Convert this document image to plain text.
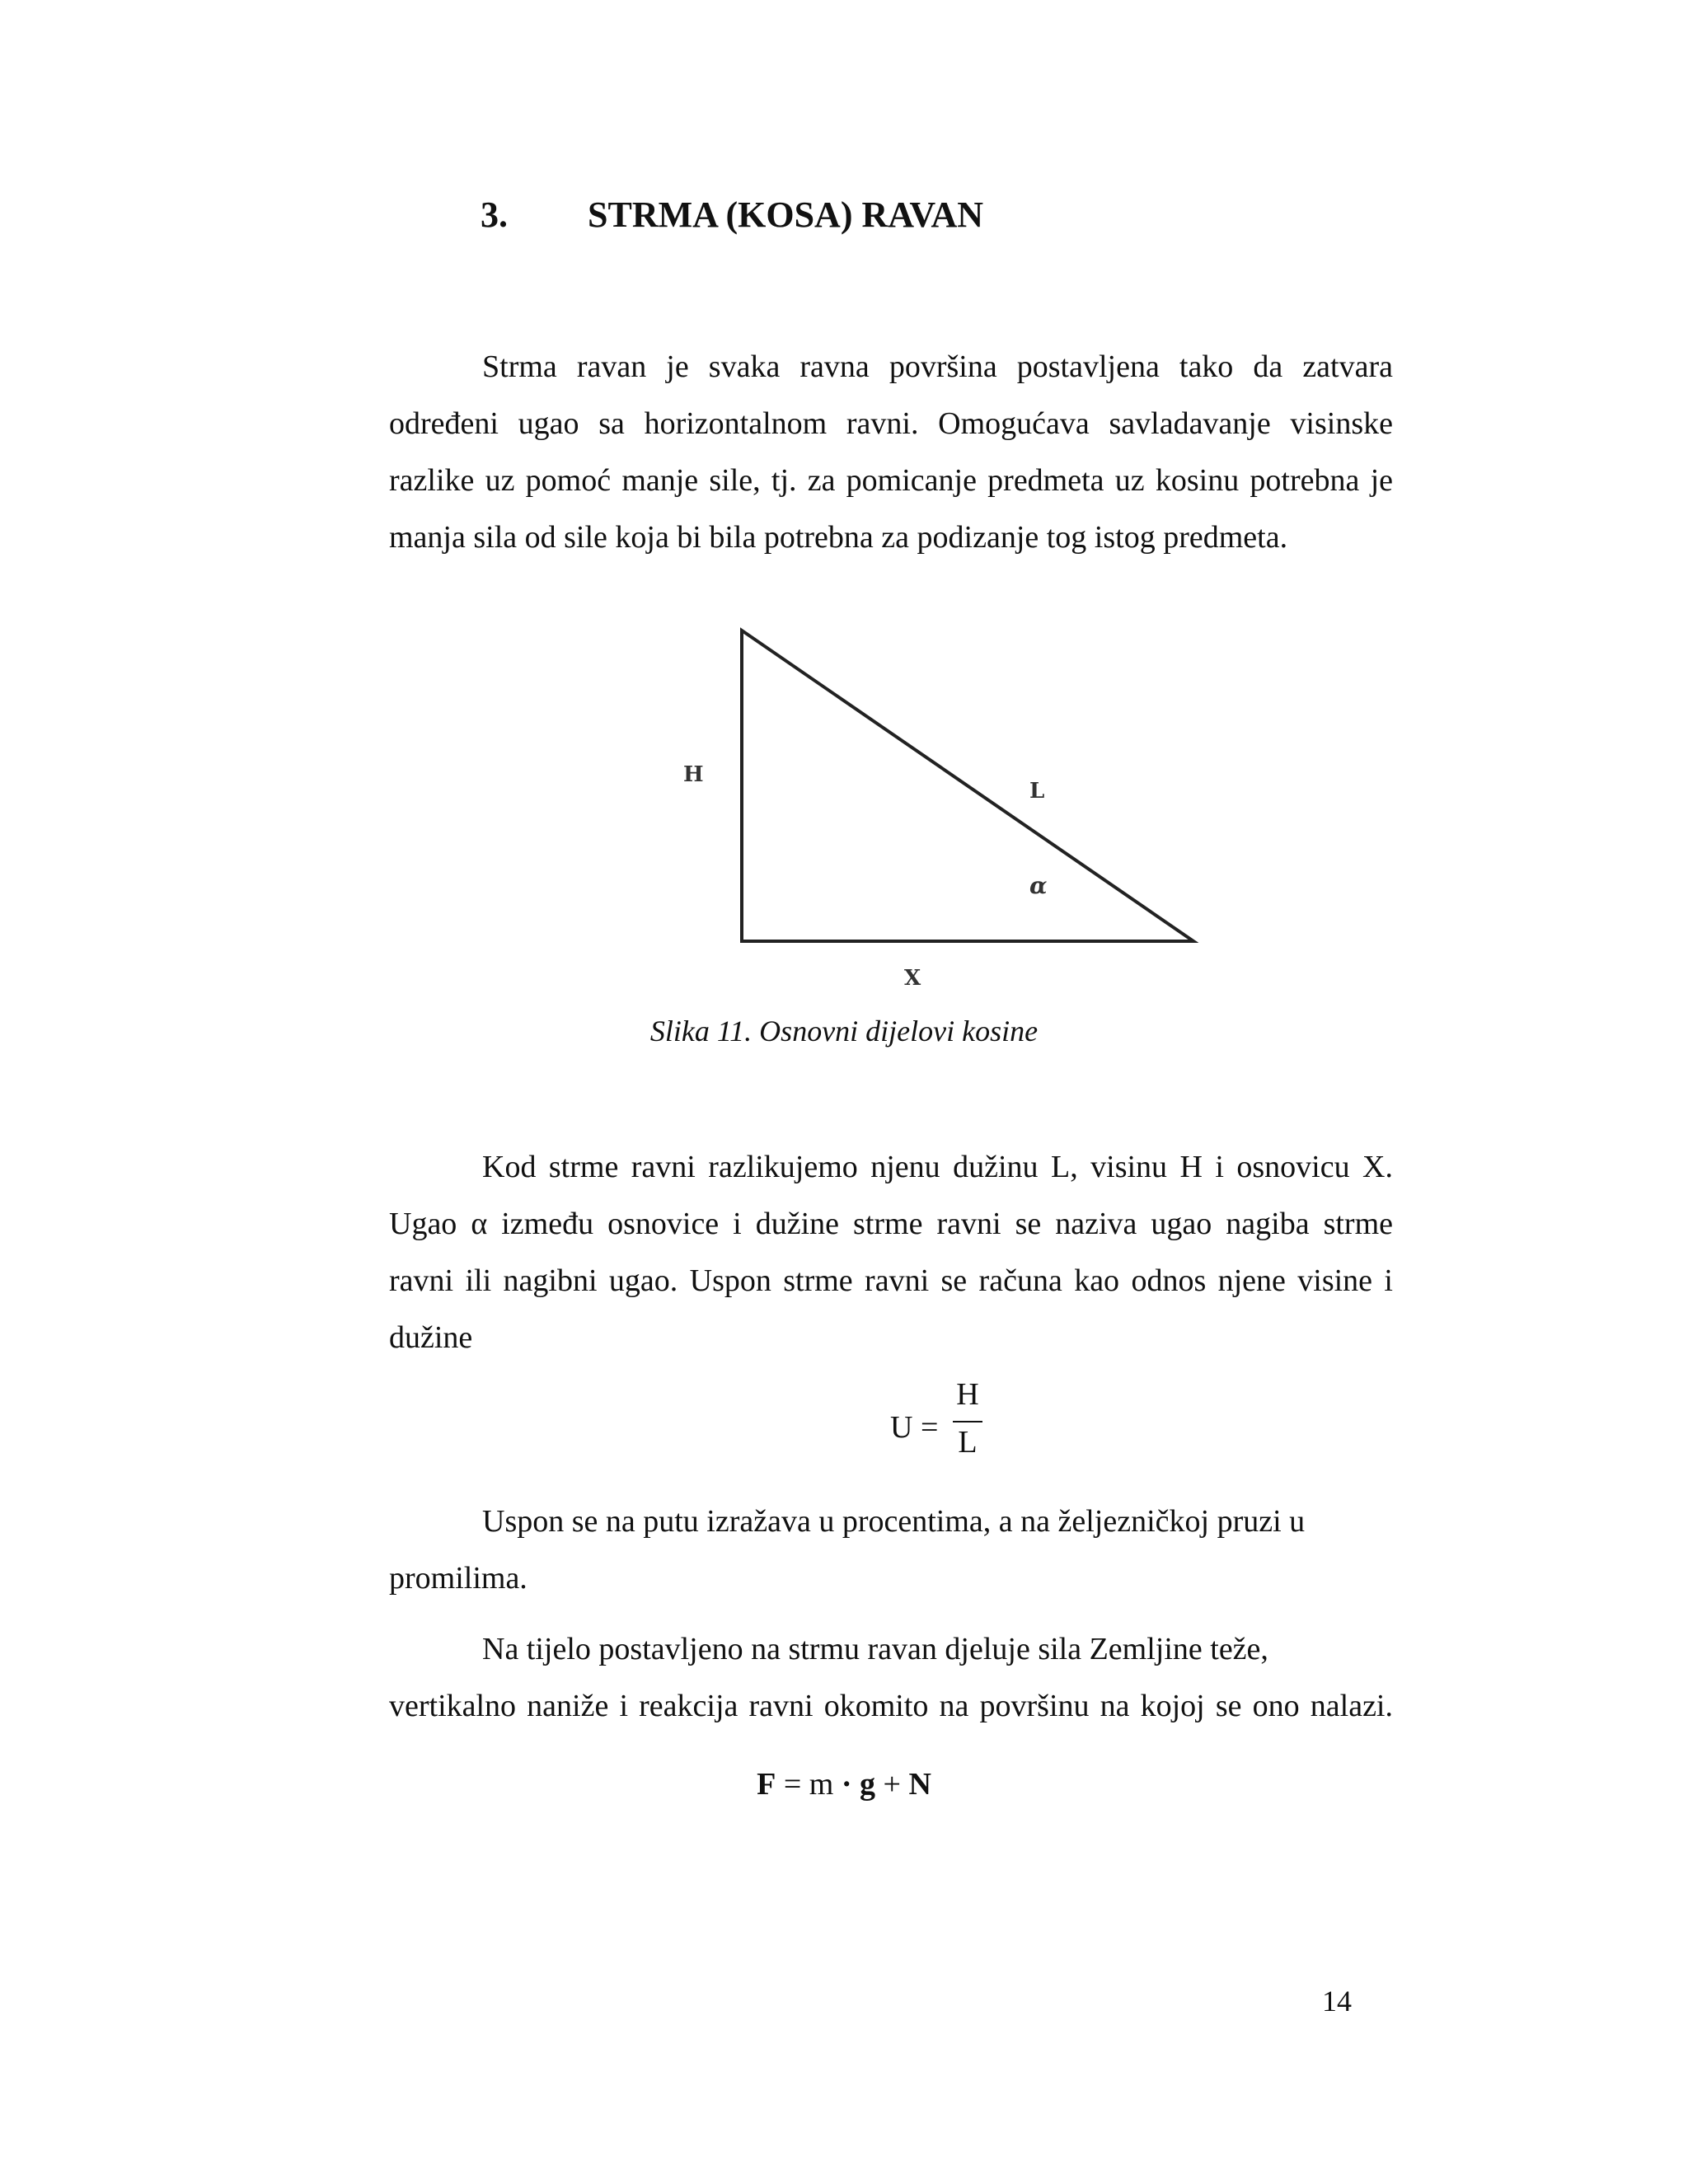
3. STRMA (KOSA) RAVAN
Strma ravan je svaka ravna površina postavljena tako da zatvara
određeni ugao sa horizontalnom ravni. Omogućava savladavanje visinske
razlike uz pomoć manje sile, tj. za pomicanje predmeta uz kosinu potrebna je
manja sila od sile koja bi bila potrebna za podizanje tog istog predmeta.
H
L
α
X
Slika 11. Osnovni dijelovi kosine
Kod strme ravni razlikujemo njenu dužinu L, visinu H i osnovicu X.
Ugao α između osnovice i dužine strme ravni se naziva ugao nagiba strme
ravni ili nagibni ugao. Uspon strme ravni se računa kao odnos njene visine i
dužine
U =
H
L
Uspon se na putu izražava u procentima, a na željezničkoj pruzi u
promilima.
Na tijelo postavljeno na strmu ravan djeluje sila Zemljine teže,
vertikalno naniže i reakcija ravni okomito na površinu na kojoj se ono nalazi.
F = m · g + N
14
